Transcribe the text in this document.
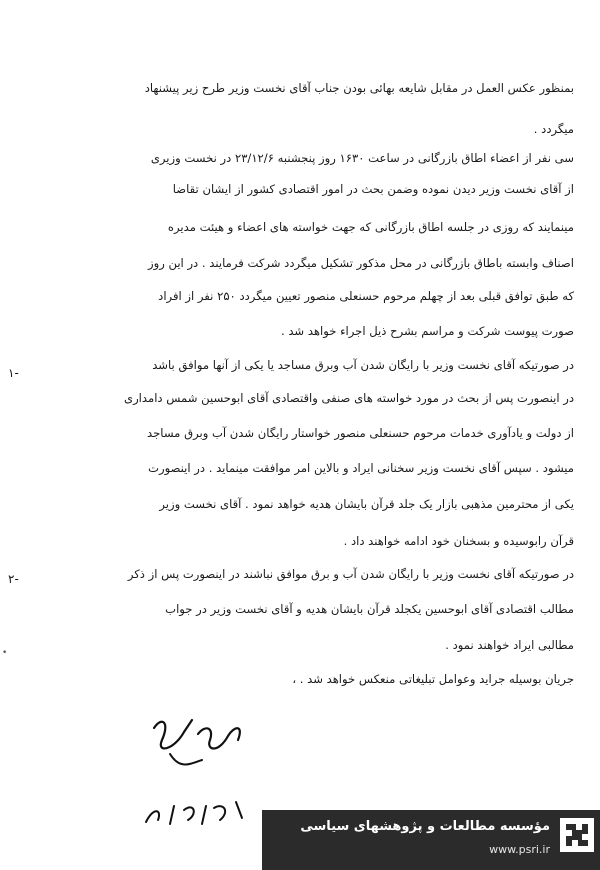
بمنظور عکس العمل در مقابل شایعه بهائی بودن جناب آقای نخست وزیر طرح زیر پیشنهاد
میگردد .
سی نفر از اعضاء اطاق بازرگانی در ساعت ۱۶۳۰ روز پنجشنبه ۲۳/۱۲/۶ در نخست وزیری
از آقای نخست وزیر دیدن نموده وضمن بحث در امور اقتصادی کشور از ایشان تقاضا
مینمایند که روزی در جلسه اطاق بازرگانی که جهت خواسته های اعضاء و هیئت مدیره
اصناف وابسته باطاق بازرگانی در محل مذکور تشکیل میگردد شرکت فرمایند . در این روز
که طبق توافق قبلی بعد از چهلم مرحوم حسنعلی منصور تعیین میگردد ۲۵۰ نفر از افراد
صورت پیوست شرکت و مراسم بشرح ذیل اجراء خواهد شد .
۱-
در صورتیکه آقای نخست وزیر با رایگان شدن آب وبرق مساجد یا یکی از آنها موافق باشد
در اینصورت پس از بحث در مورد خواسته های صنفی واقتصادی آقای ابوحسین شمس دامداری
از دولت و یادآوری خدمات مرحوم حسنعلی منصور خواستار رایگان شدن آب وبرق مساجد
میشود . سپس آقای نخست وزیر سخنانی ایراد و بالاین امر موافقت مینماید . در اینصورت
یکی از محترمین مذهبی بازار یک جلد قرآن بایشان هدیه خواهد نمود . آقای نخست وزیر
قرآن رابوسیده و بسخنان خود ادامه خواهند داد .
۲-	در صورتیکه آقای نخست وزیر با رایگان شدن آب و برق موافق نباشند در اینصورت پس از ذکر
مطالب اقتصادی آقای ابوحسین یکجلد قرآن بایشان هدیه و آقای نخست وزیر در جواب
مطالبی ایراد خواهند نمود .
جریان بوسیله جراید وعوامل تبلیغاتی منعکس خواهد شد . ،
•
مؤسسه مطالعات و پژوهشهای سیاسی
www.psri.ir
